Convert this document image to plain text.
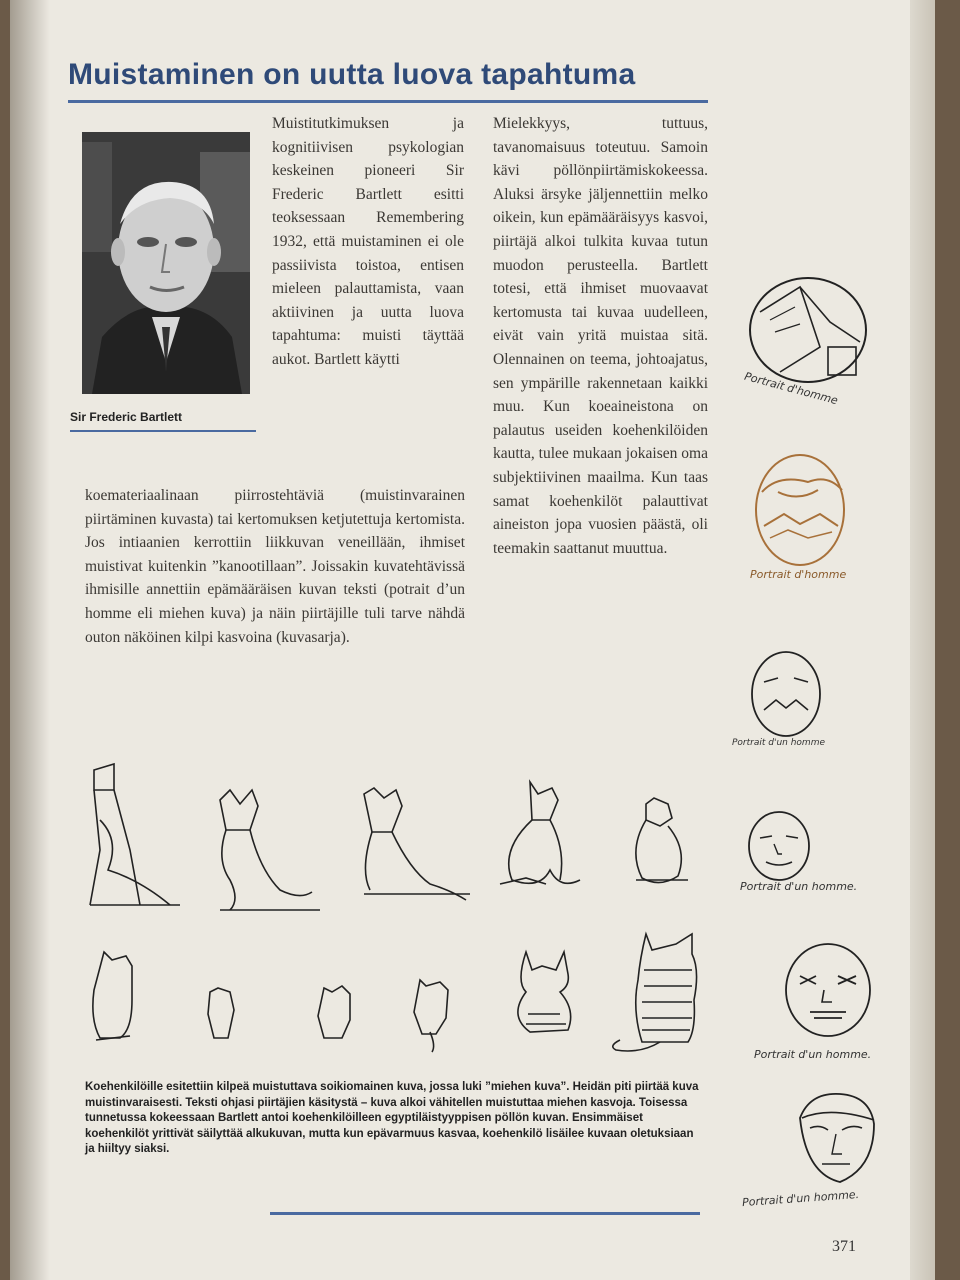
Muistaminen on uutta luova tapahtuma

Sir Frederic Bartlett

Muistitutkimuksen ja kognitiivisen psykologian keskeinen pioneeri Sir Frederic Bartlett esitti teoksessaan Remembering 1932, että muistaminen ei ole passiivista toistoa, entisen mieleen palauttamista, vaan aktiivinen ja uutta luova tapahtuma: muisti täyttää aukot. Bartlett käytti

koemateriaalinaan piirrostehtäviä (muistinvarainen piirtäminen kuvasta) tai kertomuksen ketjutettuja kertomista. Jos intiaanien kerrottiin liikkuvan veneillään, ihmiset muistivat kuitenkin ”kanootillaan”. Joissakin kuvatehtävissä ihmisille annettiin epämääräisen kuvan teksti (potrait d’un homme eli miehen kuva) ja näin piirtäjille tuli tarve nähdä outon näköinen kilpi kasvoina (kuvasarja).

Mielekkyys, tuttuus, tavanomaisuus toteutuu. Samoin kävi pöllönpiirtämiskokeessa. Aluksi ärsyke jäljennettiin melko oikein, kun epämääräisyys kasvoi, piirtäjä alkoi tulkita kuvaa tutun muodon perusteella. Bartlett totesi, että ihmiset muovaavat kertomusta tai kuvaa uudelleen, eivät vain yritä muistaa sitä. Olennainen on teema, johtoajatus, sen ympärille rakennetaan kaikki muu. Kun koeaineistona on palautus useiden koehenkilöiden kautta, tulee mukaan jokaisen oma subjektiivinen maailma. Kun taas samat koehenkilöt palauttivat aineiston jopa vuosien päästä, oli teemakin saattanut muuttua.

Portrait d'homme

Portrait d'homme

Portrait d'un homme

Portrait d'un homme.

Portrait d'un homme.

Portrait d'un homme.

Koehenkilöille esitettiin kilpeä muistuttava soikiomainen kuva, jossa luki ”miehen kuva”. Heidän piti piirtää kuva muistinvaraisesti. Teksti ohjasi piirtäjien käsitystä – kuva alkoi vähitellen muistuttaa miehen kasvoja. Toisessa tunnetussa kokeessaan Bartlett antoi koehenkilöilleen egyptiläistyyppisen pöllön kuvan. Ensimmäiset koehenkilöt yrittivät säilyttää alkukuvan, mutta kun epävarmuus kasvaa, koehenkilö lisäilee kuvaan oletuksiaan ja hiiltyy siaksi.

371
